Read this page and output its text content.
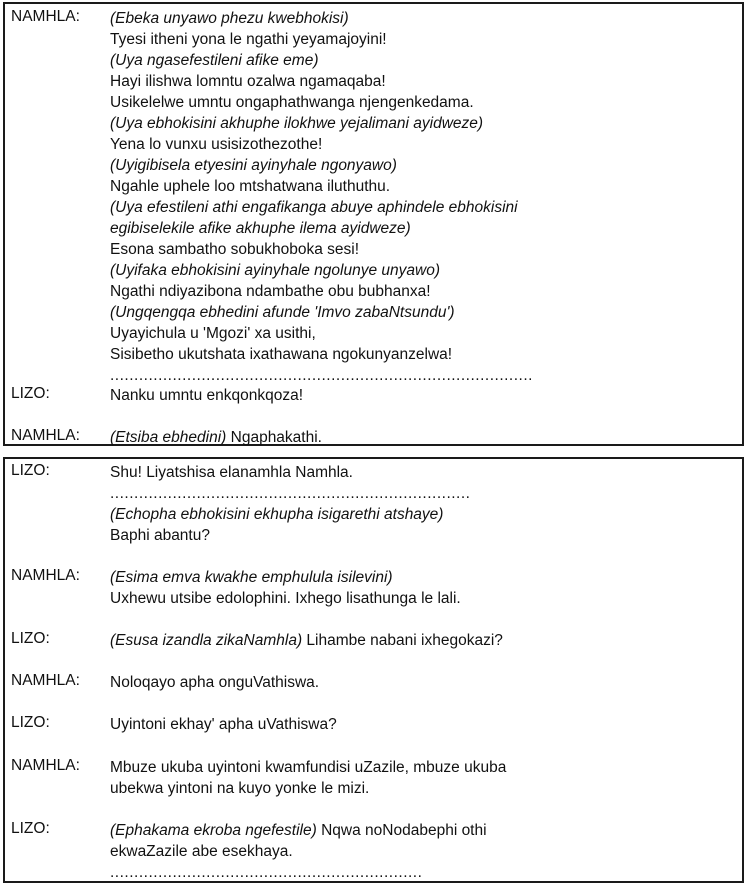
NAMHLA: (Ebeka unyawo phezu kwebhokisi)
Tyesi itheni yona le ngathi yeyamajoyini!
(Uya ngasefestileni afike eme)
Hayi ilishwa lomntu ozalwa ngamaqaba!
Usikelelwe umntu ongaphathwanga njengenkedama.
(Uya ebhokisini akhuphe ilokhwe yejalimani ayidweze)
Yena lo vunxu usisizothezothe!
(Uyigibisela etyesini ayinyhale ngonyawo)
Ngahle uphele loo mtshatwana iluthuthu.
(Uya efestileni athi engafikanga abuye aphindele ebhokisini
egibiselekile afike akhuphe ilema ayidweze)
Esona sambatho sobukhoboka sesi!
(Uyifaka ebhokisini ayinyhale ngolunye unyawo)
Ngathi ndiyazibona ndambathe obu bubhanxa!
(Ungqengqa ebhedini afunde 'Imvo zabaNtsundu')
Uyayichula u 'Mgozi' xa usithi,
Sisibetho ukutshata ixathawana ngokunyanzelwa!
........................................................................................
LIZO:	Nanku umntu enkqonkqoza!
NAMHLA: (Etsiba ebhedini) Ngaphakathi.
LIZO:	Shu! Liyatshisa elanamhla Namhla.
...........................................................................
(Echopha ebhokisini ekhupha isigarethi atshaye)
Baphi abantu?
NAMHLA: (Esima emva kwakhe emphulula isilevini)
Uxhewu utsibe edolophini. Ixhego lisathunga le lali.
LIZO:	(Esusa izandla zikaNamhla) Lihambe nabani ixhegokazi?
NAMHLA: Noloqayo apha onguVathiswa.
LIZO:	Uyintoni ekhay' apha uVathiswa?
NAMHLA: Mbuze ukuba uyintoni kwamfundisi uZazile, mbuze ukuba
ubekwa yintoni na kuyo yonke le mizi.
LIZO:	(Ephakama ekroba ngefestile) Nqwa noNodabephi othi
ekwaZazile abe esekhaya.
.................................................................
